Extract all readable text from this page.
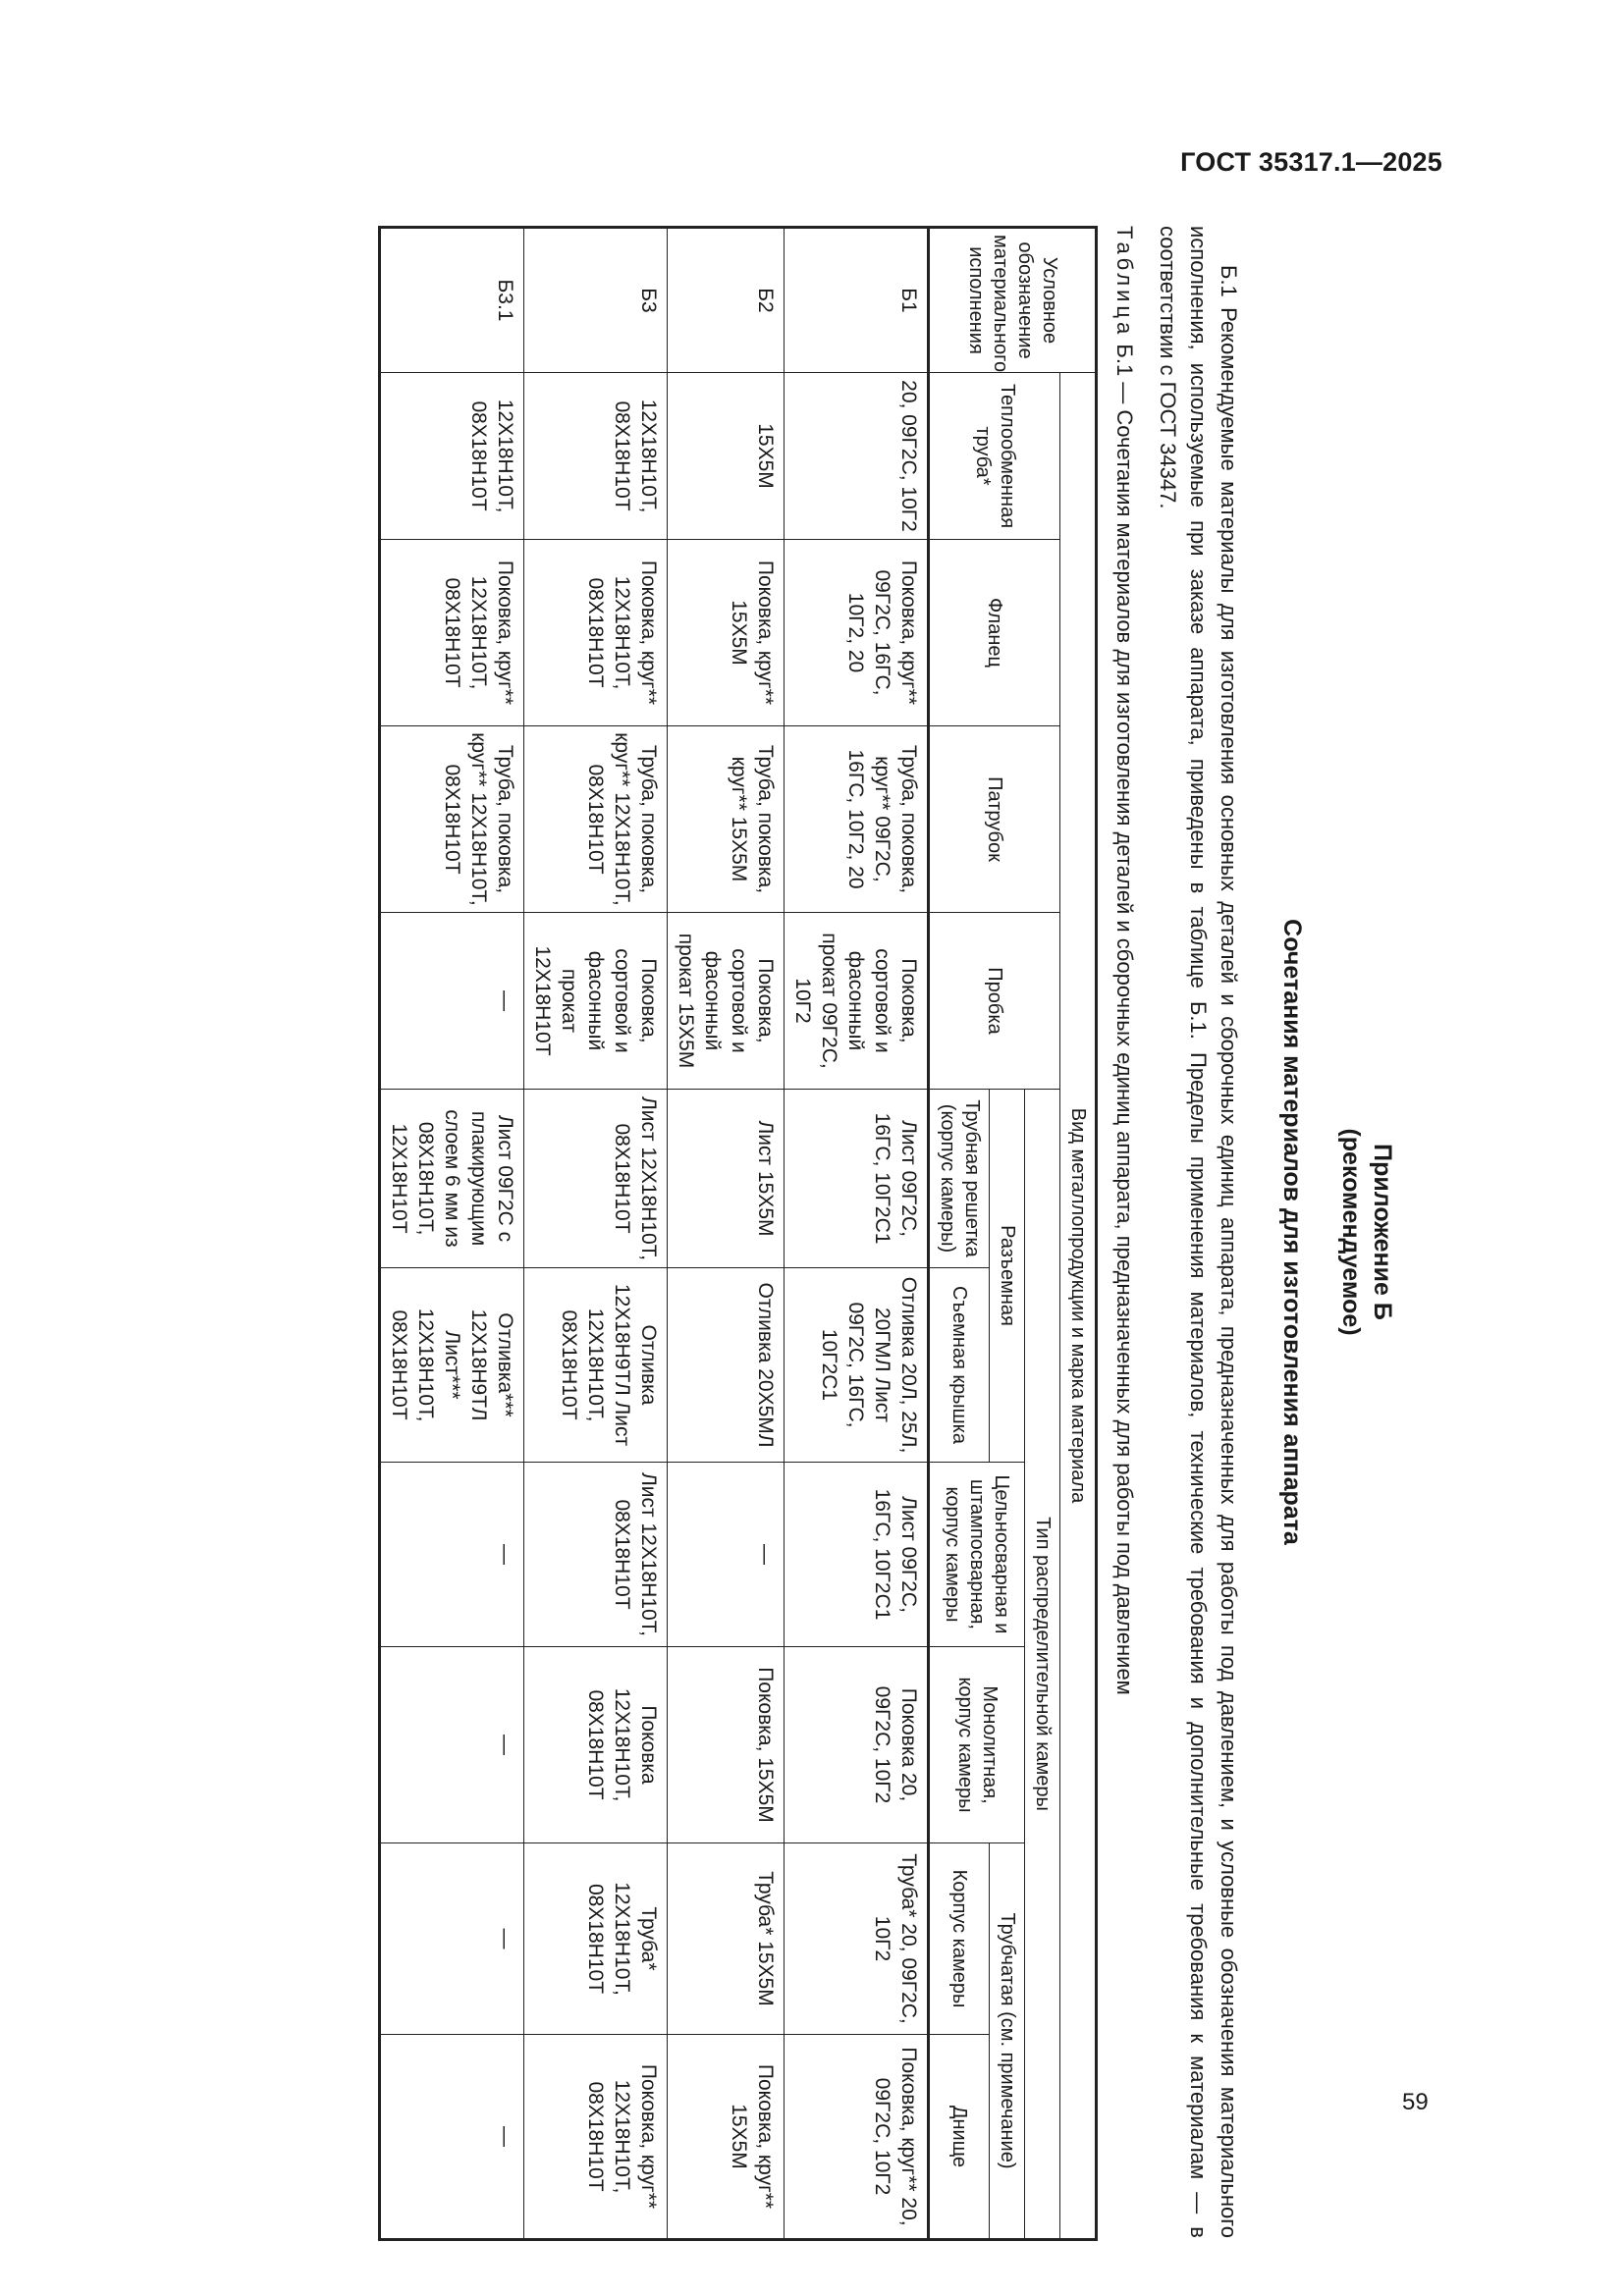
ГОСТ 35317.1—2025
Приложение Б
(рекомендуемое)
Сочетания материалов для изготовления аппарата
Б.1 Рекомендуемые материалы для изготовления основных деталей и сборочных единиц аппарата, предназначенных для работы под давлением, и условные обозначения материального исполнения, используемые при заказе аппарата, приведены в таблице Б.1. Пределы применения материалов, технические требования и дополнительные требования к материалам — в соответствии с ГОСТ 34347.
Таблица Б.1 — Сочетания материалов для изготовления деталей и сборочных единиц аппарата, предназначенных для работы под давлением
Условное обозначение материального исполнения	Вид металлопродукции и марка материала									
	Теплообменная труба*	Фланец	Патрубок	Пробка	Тип распределительной камеры					
					Разъемная		Цельносварная и штампосварная, корпус камеры	Монолитная, корпус камеры	Трубчатая (см. примечание)	
					Трубная решетка (корпус камеры)	Съемная крышка			Корпус камеры	Днище
Б1	20, 09Г2С, 10Г2	Поковка, круг** 09Г2С, 16ГС, 10Г2, 20	Труба, поковка, круг** 09Г2С, 16ГС, 10Г2, 20	Поковка, сортовой и фасонный прокат 09Г2С, 10Г2	Лист 09Г2С, 16ГС, 10Г2С1	Отливка 20Л, 25Л, 20ГМЛ Лист 09Г2С, 16ГС, 10Г2С1	Лист 09Г2С, 16ГС, 10Г2С1	Поковка 20, 09Г2С, 10Г2	Труба* 20, 09Г2С, 10Г2	Поковка, круг** 20, 09Г2С, 10Г2
Б2	15Х5М	Поковка, круг** 15Х5М	Труба, поковка, круг** 15Х5М	Поковка, сортовой и фасонный прокат 15Х5М	Лист 15Х5М	Отливка 20Х5МЛ	—	Поковка, 15Х5М	Труба* 15Х5М	Поковка, круг** 15Х5М
Б3	12Х18Н10Т, 08Х18Н10Т	Поковка, круг** 12Х18Н10Т, 08Х18Н10Т	Труба, поковка, круг** 12Х18Н10Т, 08Х18Н10Т	Поковка, сортовой и фасонный прокат 12Х18Н10Т	Лист 12Х18Н10Т, 08Х18Н10Т	Отливка 12Х18Н9ТЛ Лист 12Х18Н10Т, 08Х18Н10Т	Лист 12Х18Н10Т, 08Х18Н10Т	Поковка 12Х18Н10Т, 08Х18Н10Т	Труба* 12Х18Н10Т, 08Х18Н10Т	Поковка, круг** 12Х18Н10Т, 08Х18Н10Т
Б3.1	12Х18Н10Т, 08Х18Н10Т	Поковка, круг** 12Х18Н10Т, 08Х18Н10Т	Труба, поковка, круг** 12Х18Н10Т, 08Х18Н10Т	—	Лист 09Г2С с плакирующим слоем 6 мм из 08Х18Н10Т, 12Х18Н10Т	Отливка*** 12Х18Н9ТЛ Лист*** 12Х18Н10Т, 08Х18Н10Т	—	—	—	—
59
